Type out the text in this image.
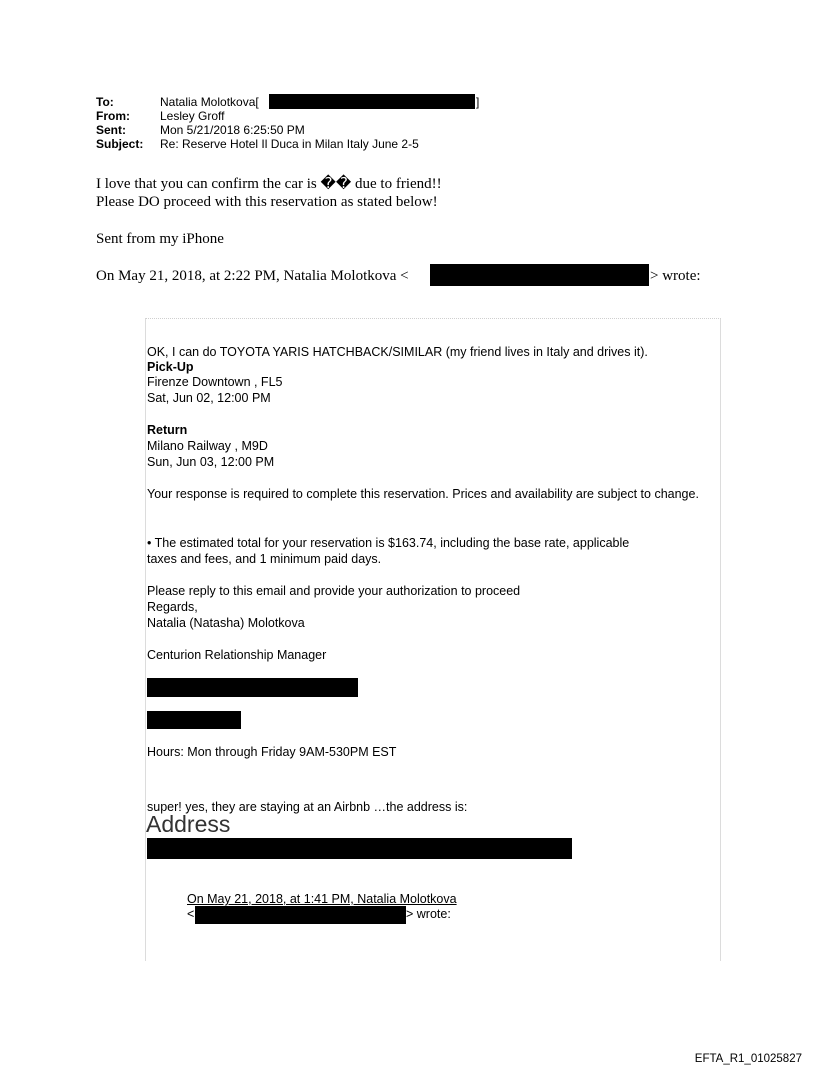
To:	Natalia Molotkova[	]
From:	Lesley Groff
Sent:	Mon 5/21/2018 6:25:50 PM
Subject: Re: Reserve Hotel Il Duca in Milan Italy June 2-5
I love that you can confirm the car is �� due to friend!!
Please DO proceed with this reservation as stated below!
Sent from my iPhone
On May 21, 2018, at 2:22 PM, Natalia Molotkova <	> wrote:
OK, I can do TOYOTA YARIS HATCHBACK/SIMILAR (my friend lives in Italy and drives it).
Pick-Up
Firenze Downtown , FL5
Sat, Jun 02, 12:00 PM
Return
Milano Railway , M9D
Sun, Jun 03, 12:00 PM
Your response is required to complete this reservation. Prices and availability are subject to change.
• The estimated total for your reservation is $163.74, including the base rate, applicable
taxes and fees, and 1 minimum paid days.
Please reply to this email and provide your authorization to proceed
Regards,
Natalia (Natasha) Molotkova
Centurion Relationship Manager
Hours: Mon through Friday 9AM-530PM EST
super! yes, they are staying at an Airbnb …the address is:
Address
On May 21, 2018, at 1:41 PM, Natalia Molotkova
<	> wrote:
EFTA_R1_01025827
